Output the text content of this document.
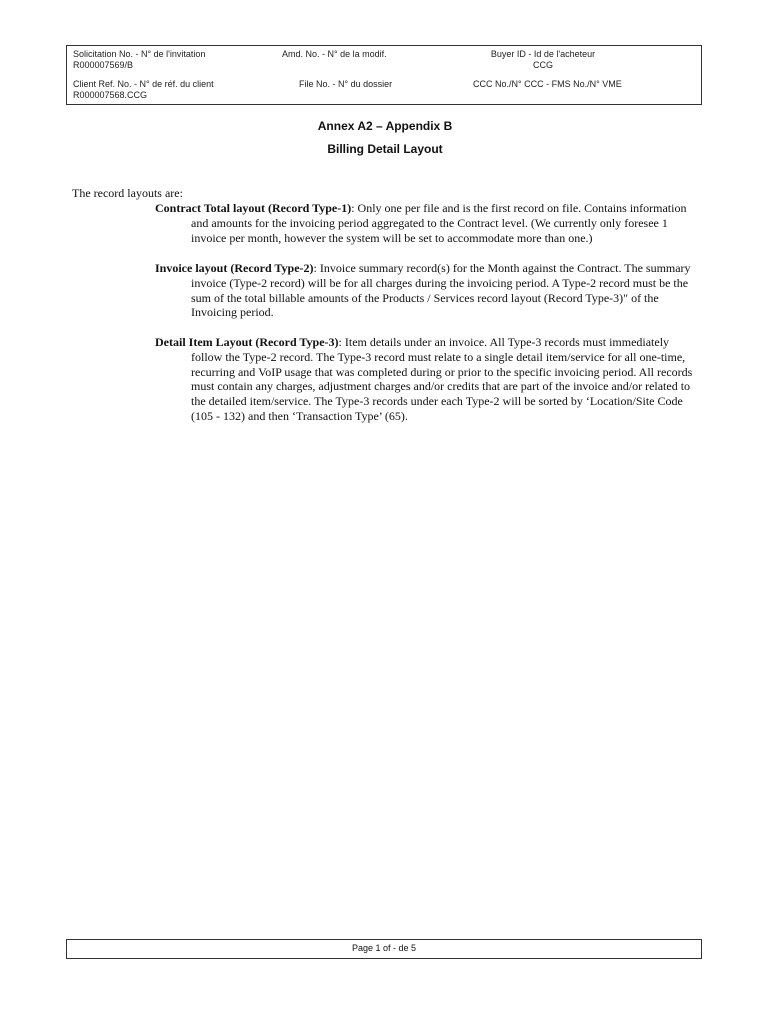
Solicitation No. - N° de l'invitation
R000007569/B
Amd. No. - N° de la modif.	Buyer ID - Id de l'acheteur
CCG
Client Ref. No. - N° de réf. du client
R000007568.CCG
File No. - N° du dossier	CCC No./N° CCC - FMS No./N° VME
Annex A2 – Appendix B
Billing Detail Layout
The record layouts are:
Contract Total layout (Record Type-1): Only one per file and is the first record on file. Contains information and amounts for the invoicing period aggregated to the Contract level. (We currently only foresee 1 invoice per month, however the system will be set to accommodate more than one.)
Invoice layout (Record Type-2): Invoice summary record(s) for the Month against the Contract. The summary invoice (Type-2 record) will be for all charges during the invoicing period. A Type-2 record must be the sum of the total billable amounts of the Products / Services record layout (Record Type-3)" of the Invoicing period.
Detail Item Layout (Record Type-3): Item details under an invoice. All Type-3 records must immediately follow the Type-2 record. The Type-3 record must relate to a single detail item/service for all one-time, recurring and VoIP usage that was completed during or prior to the specific invoicing period. All records must contain any charges, adjustment charges and/or credits that are part of the invoice and/or related to the detailed item/service. The Type-3 records under each Type-2 will be sorted by ‘Location/Site Code (105 - 132) and then ‘Transaction Type’ (65).
Page 1 of - de 5
